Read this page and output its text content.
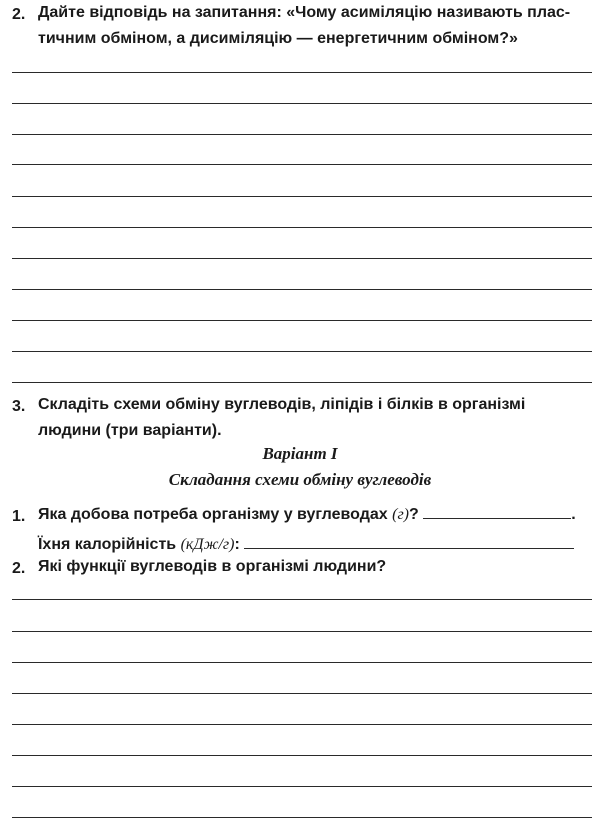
2. Дайте відповідь на запитання: «Чому асиміляцію називають плас-
тичним обміном, а дисиміляцію — енергетичним обміном?»
3. Складіть схеми обміну вуглеводів, ліпідів і білків в організмі
людини (три варіанти).
Варіант І
Складання схеми обміну вуглеводів
1. Яка добова потреба організму у вуглеводах (г)?	.
Їхня калорійність (кДж/г):
2. Які функції вуглеводів в організмі людини?
